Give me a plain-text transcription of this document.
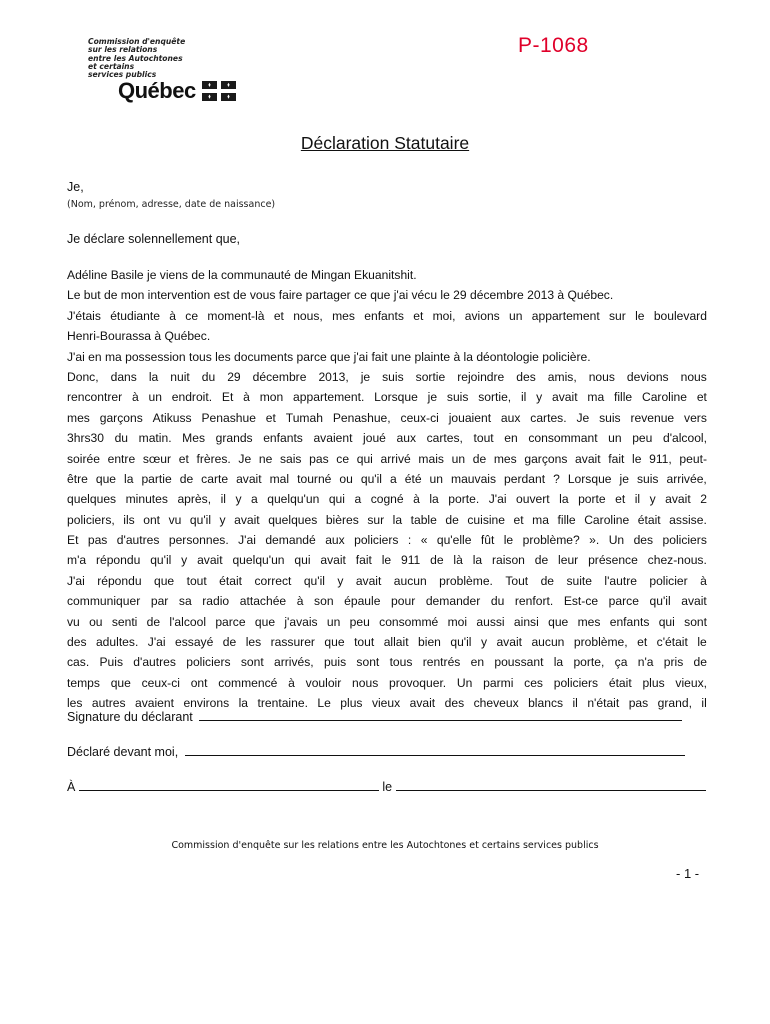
Commission d'enquête
sur les relations
entre les Autochtones
et certains
services publics
Québec
P-1068
Déclaration Statutaire
Je,
(Nom, prénom, adresse, date de naissance)
Je déclare solennellement que,
Adéline Basile je viens de la communauté de Mingan Ekuanitshit.
Le but de mon intervention est de vous faire partager ce que j'ai vécu le 29 décembre 2013 à Québec.
J'étais étudiante à ce moment-là et nous, mes enfants et moi, avions un appartement sur le boulevard
Henri-Bourassa à Québec.
J'ai en ma possession tous les documents parce que j'ai fait une plainte à la déontologie policière.
Donc, dans la nuit du 29 décembre 2013, je suis sortie rejoindre des amis, nous devions nous
rencontrer à un endroit. Et à mon appartement. Lorsque je suis sortie, il y avait ma fille Caroline et
mes garçons Atikuss Penashue et Tumah Penashue, ceux-ci jouaient aux cartes. Je suis revenue vers
3hrs30 du matin. Mes grands enfants avaient joué aux cartes, tout en consommant un peu d'alcool,
soirée entre sœur et frères. Je ne sais pas ce qui arrivé mais un de mes garçons avait fait le 911, peut-
être que la partie de carte avait mal tourné ou qu'il a été un mauvais perdant ? Lorsque je suis arrivée,
quelques minutes après, il y a quelqu'un qui a cogné à la porte. J'ai ouvert la porte et il y avait 2
policiers, ils ont vu qu'il y avait quelques bières sur la table de cuisine et ma fille Caroline était assise.
Et pas d'autres personnes. J'ai demandé aux policiers : « qu'elle fût le problème? ». Un des policiers
m'a répondu qu'il y avait quelqu'un qui avait fait le 911 de là la raison de leur présence chez-nous.
J'ai répondu que tout était correct qu'il y avait aucun problème. Tout de suite l'autre policier à
communiquer par sa radio attachée à son épaule pour demander du renfort. Est-ce parce qu'il avait
vu ou senti de l'alcool parce que j'avais un peu consommé moi aussi ainsi que mes enfants qui sont
des adultes. J'ai essayé de les rassurer que tout allait bien qu'il y avait aucun problème, et c'était le
cas. Puis d'autres policiers sont arrivés, puis sont tous rentrés en poussant la porte, ça n'a pris de
temps que ceux-ci ont commencé à vouloir nous provoquer. Un parmi ces policiers était plus vieux,
les autres avaient environs la trentaine. Le plus vieux avait des cheveux blancs il n'était pas grand, il
Signature du déclarant
Déclaré devant moi,
À	le
Commission d'enquête sur les relations entre les Autochtones et certains services publics
- 1 -
